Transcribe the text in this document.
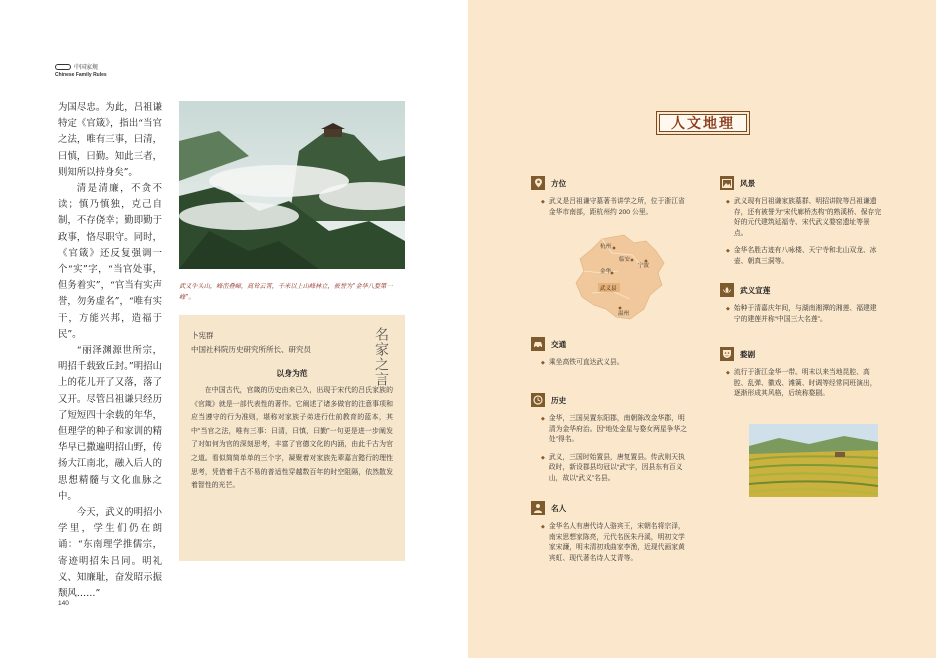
中国家规
Chinese Family Rules

为国尽忠。为此，吕祖谦特定《官箴》，指出“当官之法，唯有三事，曰清，曰慎，曰勤。知此三者，则知所以持身矣”。

清是清廉，不贪不读；慎乃慎独，克己自制，不存侥幸；勤即勤于政事，恪尽职守。同时，《官箴》还反复强调一个“实”字，“当官处事，但务着实”，“官当有实声誉，勿务虚名”，“唯有实干，方能兴邦，造福于民”。

“丽泽渊源世所宗，明招千载致丘封。”明招山上的花儿开了又落，落了又开。尽管吕祖谦只经历了短短四十余载的年华，但理学的种子和家训的精华早已撒遍明招山野，传扬大江南北，融入后人的思想精髓与文化血脉之中。

今天，武义的明招小学里，学生们仍在朗诵：“东南理学推儒宗，寄迹明招朱吕同。明礼义、知廉耻，奋发昭示振颓风……”

武义牛头山，峰峦叠嶂，高耸云霄，千米以上山峰林立，被誉为“金华八婺第一峰”。
卜宪群
中国社科院历史研究所所长、研究员	名家之言
以身为范
在中国古代，官箴的历史由来已久，出现于宋代的吕氏家族的《官箴》就是一部代表性的著作。它阐述了诸多做官的注意事项和应当遵守的行为准则，堪称对家族子弟进行仕前教育的蓝本，其中“当官之法，唯有三事：曰清，曰慎，曰勤”一句更是进一步阐发了对如何为官的深刻思考，丰富了官德文化的内涵，由此千古为官之道。看似简简单单的三个字，凝聚着对家族先辈嘉言懿行的理性思考，凭借着千古不易的普适性穿越数百年的时空阻隔，依然散发着智性的光芒。
140
人文地理
方位
◆ 武义是吕祖谦守墓著书讲学之所，位于浙江省金华市南部，距杭州约 200 公里。
杭州
临安
宁波
金华
武义县
温州
交通
◆ 乘坐高铁可直达武义县。
历史
◆ 金华，三国吴置东阳郡，南朝陈改金华郡，明清为金华府治。因“地处金星与婺女两星争华之处”得名。
◆ 武义，三国时始置县，唐复置县。传武则天执政时，新设郡县均冠以“武”字，因县东有百义山，故以“武义”名县。
名人
◆ 金华名人有唐代诗人骆宾王，宋朝名将宗泽，南宋思想家陈亮，元代名医朱丹溪，明初文学家宋濂，明末清初戏曲家李渔，近现代画家黄宾虹、现代著名诗人艾青等。
风景
◆ 武义现有吕祖谦家族墓群、明招讲院等吕祖谦遗存，还有被誉为“宋代廊桥杰构”的熟溪桥、保存完好的元代建筑延福寺、宋代武义婺窑遗址等景点。
◆ 金华名胜古迹有八咏楼、天宁寺和北山双龙、冰壶、朝真三洞等。
武义宣莲
◆ 始种于清嘉庆年间，与湖南湘潭的湘莲、福建建宁的建莲并称“中国三大名莲”。
婺剧
◆ 流行于浙江金华一带。明末以来当地昆腔、高腔、乱弹、徽戏、滩簧、时调等经常同班演出，逐渐形成其风格，后统称婺剧。
